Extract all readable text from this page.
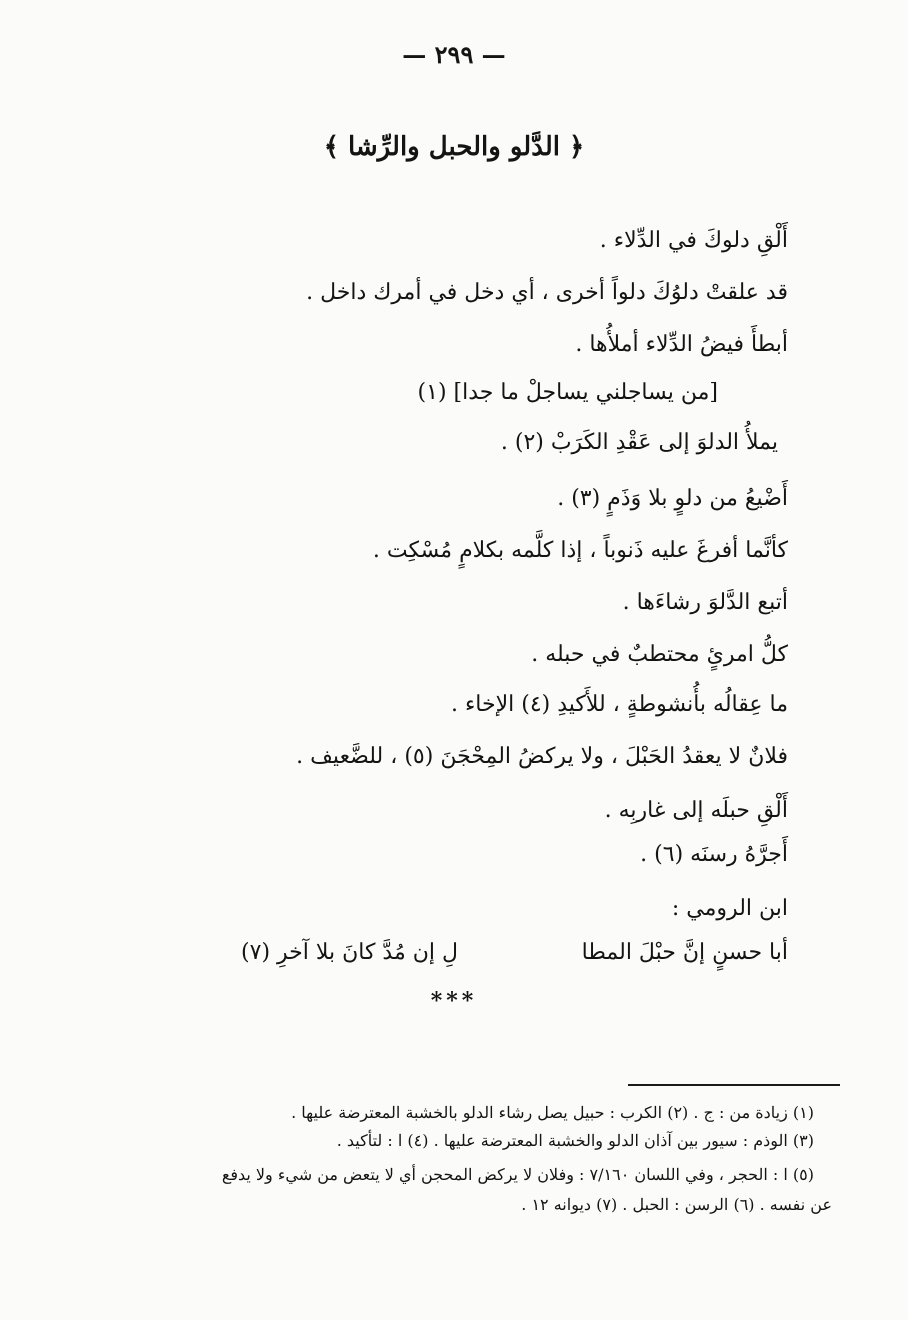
— ٢٩٩ —
﴿ الدَّلو والحبل والرِّشا ﴾
أَلْقِ دلوكَ في الدِّلاء .
قد علقتْ دلوُكَ دلواً أخرى ، أي دخل في أمرك داخل .
أبطأَ فيضُ الدِّلاء أملأُها .
[من يساجلني يساجلْ ما جدا] (١)
يملأُ الدلوَ إلى عَقْدِ الكَرَبْ (٢) .
أَضْيعُ من دلوٍ بلا وَذَمٍ (٣) .
كأنَّما أفرغَ عليه ذَنوباً ، إذا كلَّمه بكلامٍ مُسْكِت .
أتبع الدَّلوَ رشاءَها .
كلُّ امرئٍ محتطبٌ في حبله .
ما عِقالُه بأُنشوطةٍ ، للأَكيدِ (٤) الإخاء .
فلانٌ لا يعقدُ الحَبْلَ ، ولا يركضُ المِحْجَنَ (٥) ، للضَّعيف .
أَلْقِ حبلَه إلى غاربِه .
أَجرَّهُ رسنَه (٦) .
ابن الرومي :
أبا حسنٍ إنَّ حبْلَ المطا
لِ إن مُدَّ كانَ بلا آخرِ (٧)
***
(١) زيادة من : ج . (٢) الكرب : حبيل يصل رشاء الدلو بالخشبة المعترضة عليها .
(٣) الوذم : سيور بين آذان الدلو والخشبة المعترضة عليها . (٤) ا : لتأكيد .
(٥) ا : الحجر ، وفي اللسان ٧/١٦٠ : وفلان لا يركض المحجن أي لا يتعض من شيء ولا يدفع
عن نفسه . (٦) الرسن : الحبل . (٧) ديوانه ١٢ .
